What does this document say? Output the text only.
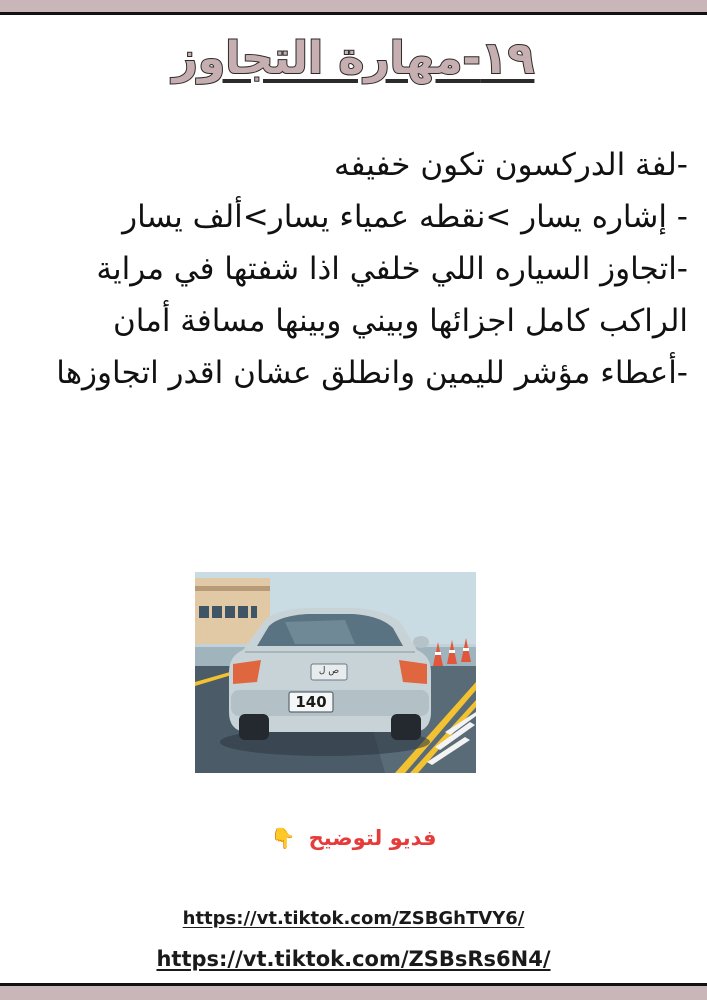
١٩-مهارة التجاوز

-لفة الدركسون تكون خفيفه

- إشاره يسار >نقطه عمياء يسار>ألف يسار

-اتجاوز السياره اللي خلفي اذا شفتها في مراية الراكب كامل اجزائها وبيني وبينها مسافة أمان

-أعطاء مؤشر لليمين وانطلق عشان اقدر اتجاوزها

140
ص ل
فديو لتوضيح 👇
https://vt.tiktok.com/ZSBGhTVY6/
https://vt.tiktok.com/ZSBsRs6N4/
